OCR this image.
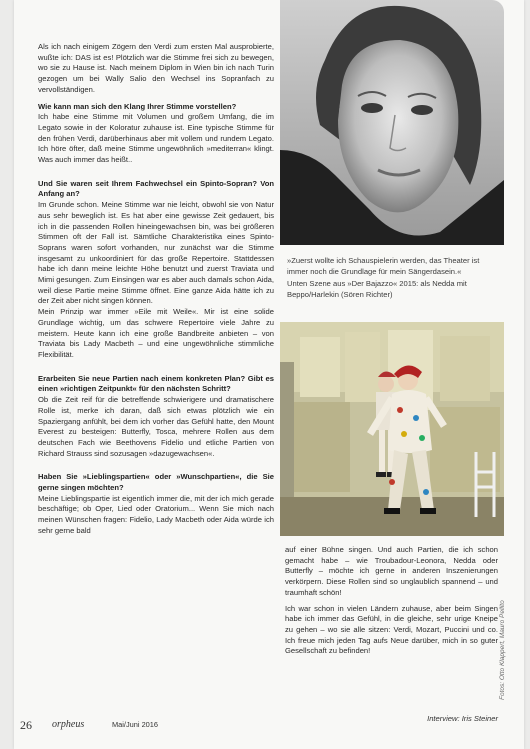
Als ich nach einigem Zögern den Verdi zum ersten Mal ausprobierte, wußte ich: DAS ist es! Plötzlich war die Stimme frei sich zu bewegen, wo sie zu Hause ist. Nach meinem Diplom in Wien bin ich nach Turin gezogen um bei Wally Salio den Wechsel ins Sopranfach zu vervollständigen.

Wie kann man sich den Klang Ihrer Stimme vorstellen?

Ich habe eine Stimme mit Volumen und großem Umfang, die im Legato sowie in der Koloratur zuhause ist. Eine typische Stimme für den frühen Verdi, darüberhinaus aber mit vollem und rundem Legato. Ich höre öfter, daß meine Stimme ungewöhnlich »mediterran« klingt. Was auch immer das heißt..

Und Sie waren seit Ihrem Fachwechsel ein Spinto-Sopran? Von Anfang an?

Im Grunde schon. Meine Stimme war nie leicht, obwohl sie von Natur aus sehr beweglich ist. Es hat aber eine gewisse Zeit gedauert, bis ich in die passenden Rollen hineingewachsen bin, was bei größeren Stimmen oft der Fall ist. Sämtliche Charakteristika eines Spinto-Soprans waren sofort vorhanden, nur zunächst war die Stimme insgesamt zu unkoordiniert für das große Repertoire. Stattdessen habe ich dann meine leichte Höhe benutzt und zuerst Traviata und Mimi gesungen. Zum Einsingen war es aber auch damals schon Aida, weil diese Partie meine Stimme öffnet. Eine ganze Aida hätte ich zu der Zeit aber nicht singen können.

Mein Prinzip war immer »Eile mit Weile«. Mir ist eine solide Grundlage wichtig, um das schwere Repertoire viele Jahre zu meistern. Heute kann ich eine große Bandbreite anbieten – von Traviata bis Lady Macbeth – und eine ungewöhnliche stimmliche Flexibilität.

Erarbeiten Sie neue Partien nach einem konkreten Plan? Gibt es einen »richtigen Zeitpunkt« für den nächsten Schritt?

Ob die Zeit reif für die betreffende schwierigere und dramatischere Rolle ist, merke ich daran, daß sich etwas plötzlich wie ein Spaziergang anfühlt, bei dem ich vorher das Gefühl hatte, den Mount Everest zu besteigen: Butterfly, Tosca, mehrere Rollen aus dem deutschen Fach wie Beethovens Fidelio und etliche Partien von Richard Strauss sind sozusagen »dazugewachsen«.

Haben Sie »Lieblingspartien« oder »Wunschpartien«, die Sie gerne singen möchten?

Meine Lieblingspartie ist eigentlich immer die, mit der ich mich gerade beschäftige; ob Oper, Lied oder Oratorium... Wenn Sie mich nach meinen Wünschen fragen: Fidelio, Lady Macbeth oder Aida würde ich sehr gerne bald

»Zuerst wollte ich Schauspielerin werden, das Theater ist immer noch die Grundlage für mein Sängerdasein.«
Unten Szene aus »Der Bajazzo« 2015: als Nedda mit Beppo/Harlekin (Sören Richter)

auf einer Bühne singen. Und auch Partien, die ich schon gemacht habe – wie Troubadour-Leonora, Nedda oder Butterfly – möchte ich gerne in anderen Inszenierungen verkörpern. Diese Rollen sind so unglaublich spannend – und traumhaft schön!

Ich war schon in vielen Ländern zuhause, aber beim Singen habe ich immer das Gefühl, in die gleiche, sehr urige Kneipe zu gehen – wo sie alle sitzen: Verdi, Mozart, Puccini und co. Ich freue mich jeden Tag aufs Neue darüber, mich in so guter Gesellschaft zu befinden!

Interview: Iris Steiner
Fotos: Otto Klappert, Mauro Pellito
26 orpheus	Mai/Juni 2016
